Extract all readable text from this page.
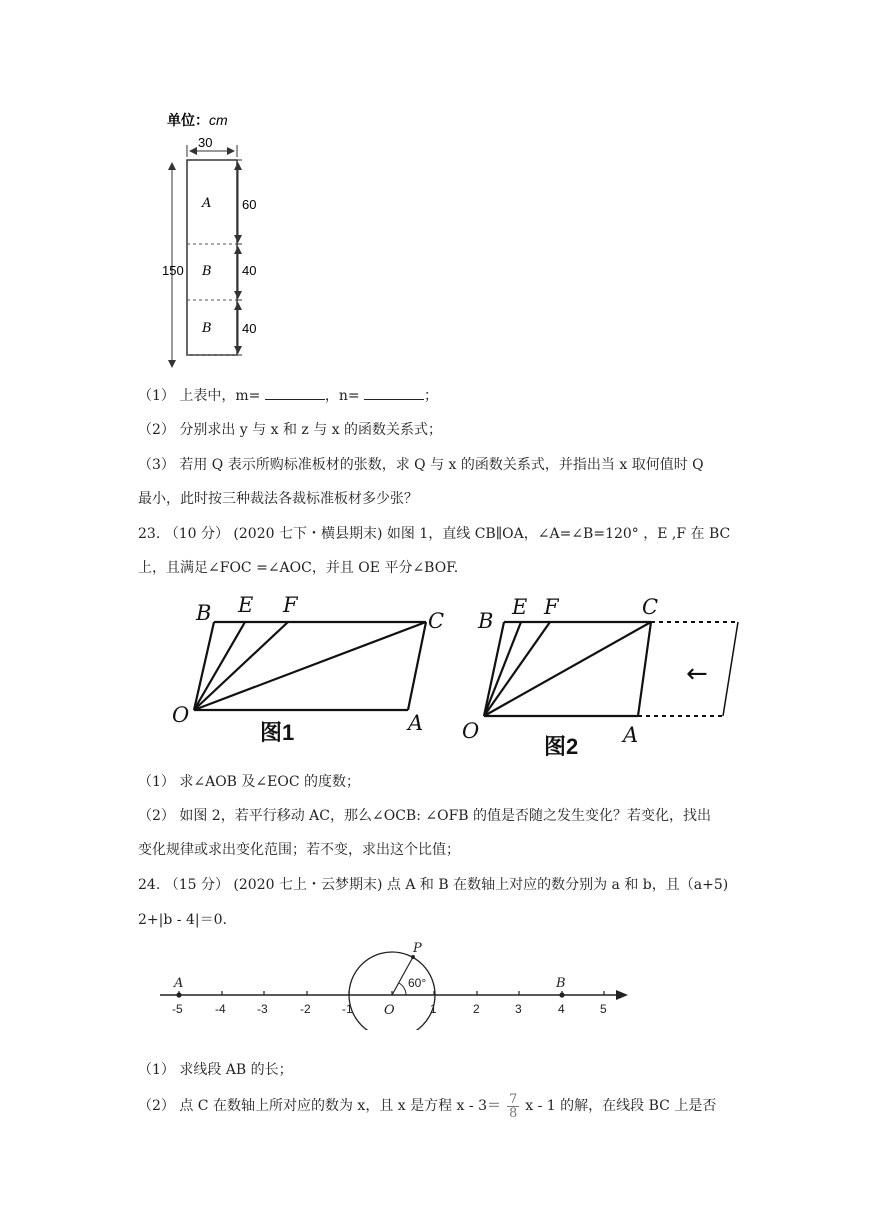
单位：cm
30
A
B
B
150
60
40
40
（1） 上表中，m=	，n=	；
（2） 分别求出 y 与 x 和 z 与 x 的函数关系式；
（3） 若用 Q 表示所购标准板材的张数，求 Q 与 x 的函数关系式，并指出当 x 取何值时 Q
最小，此时按三种裁法各裁标准板材多少张？
23. （10 分） (2020 七下・横县期末) 如图 1，直线 CB∥OA，∠A=∠B=120° ，E ,F 在 BC
上，且满足∠FOC =∠AOC，并且 OE 平分∠BOF.
B E F
C
O	A
图1
←
B
E F	C
O	A
图2
（1） 求∠AOB 及∠EOC 的度数；
（2） 如图 2，若平行移动 AC，那么∠OCB: ∠OFB 的值是否随之发生变化？若变化，找出
变化规律或求出变化范围；若不变，求出这个比值；
24. （15 分） (2020 七上・云梦期末) 点 A 和 B 在数轴上对应的数分别为 a 和 b，且（a+5)
2+|b - 4|＝0.
-5	-4	-3	-2	-1	1	2	3	4	5
A	B
O
P
60°
（1） 求线段 AB 的长；
（2） 点 C 在数轴上所对应的数为 x，且 x 是方程 $x - 3= \frac{7}{8}$ x - 1 的解，在线段 BC 上是否
